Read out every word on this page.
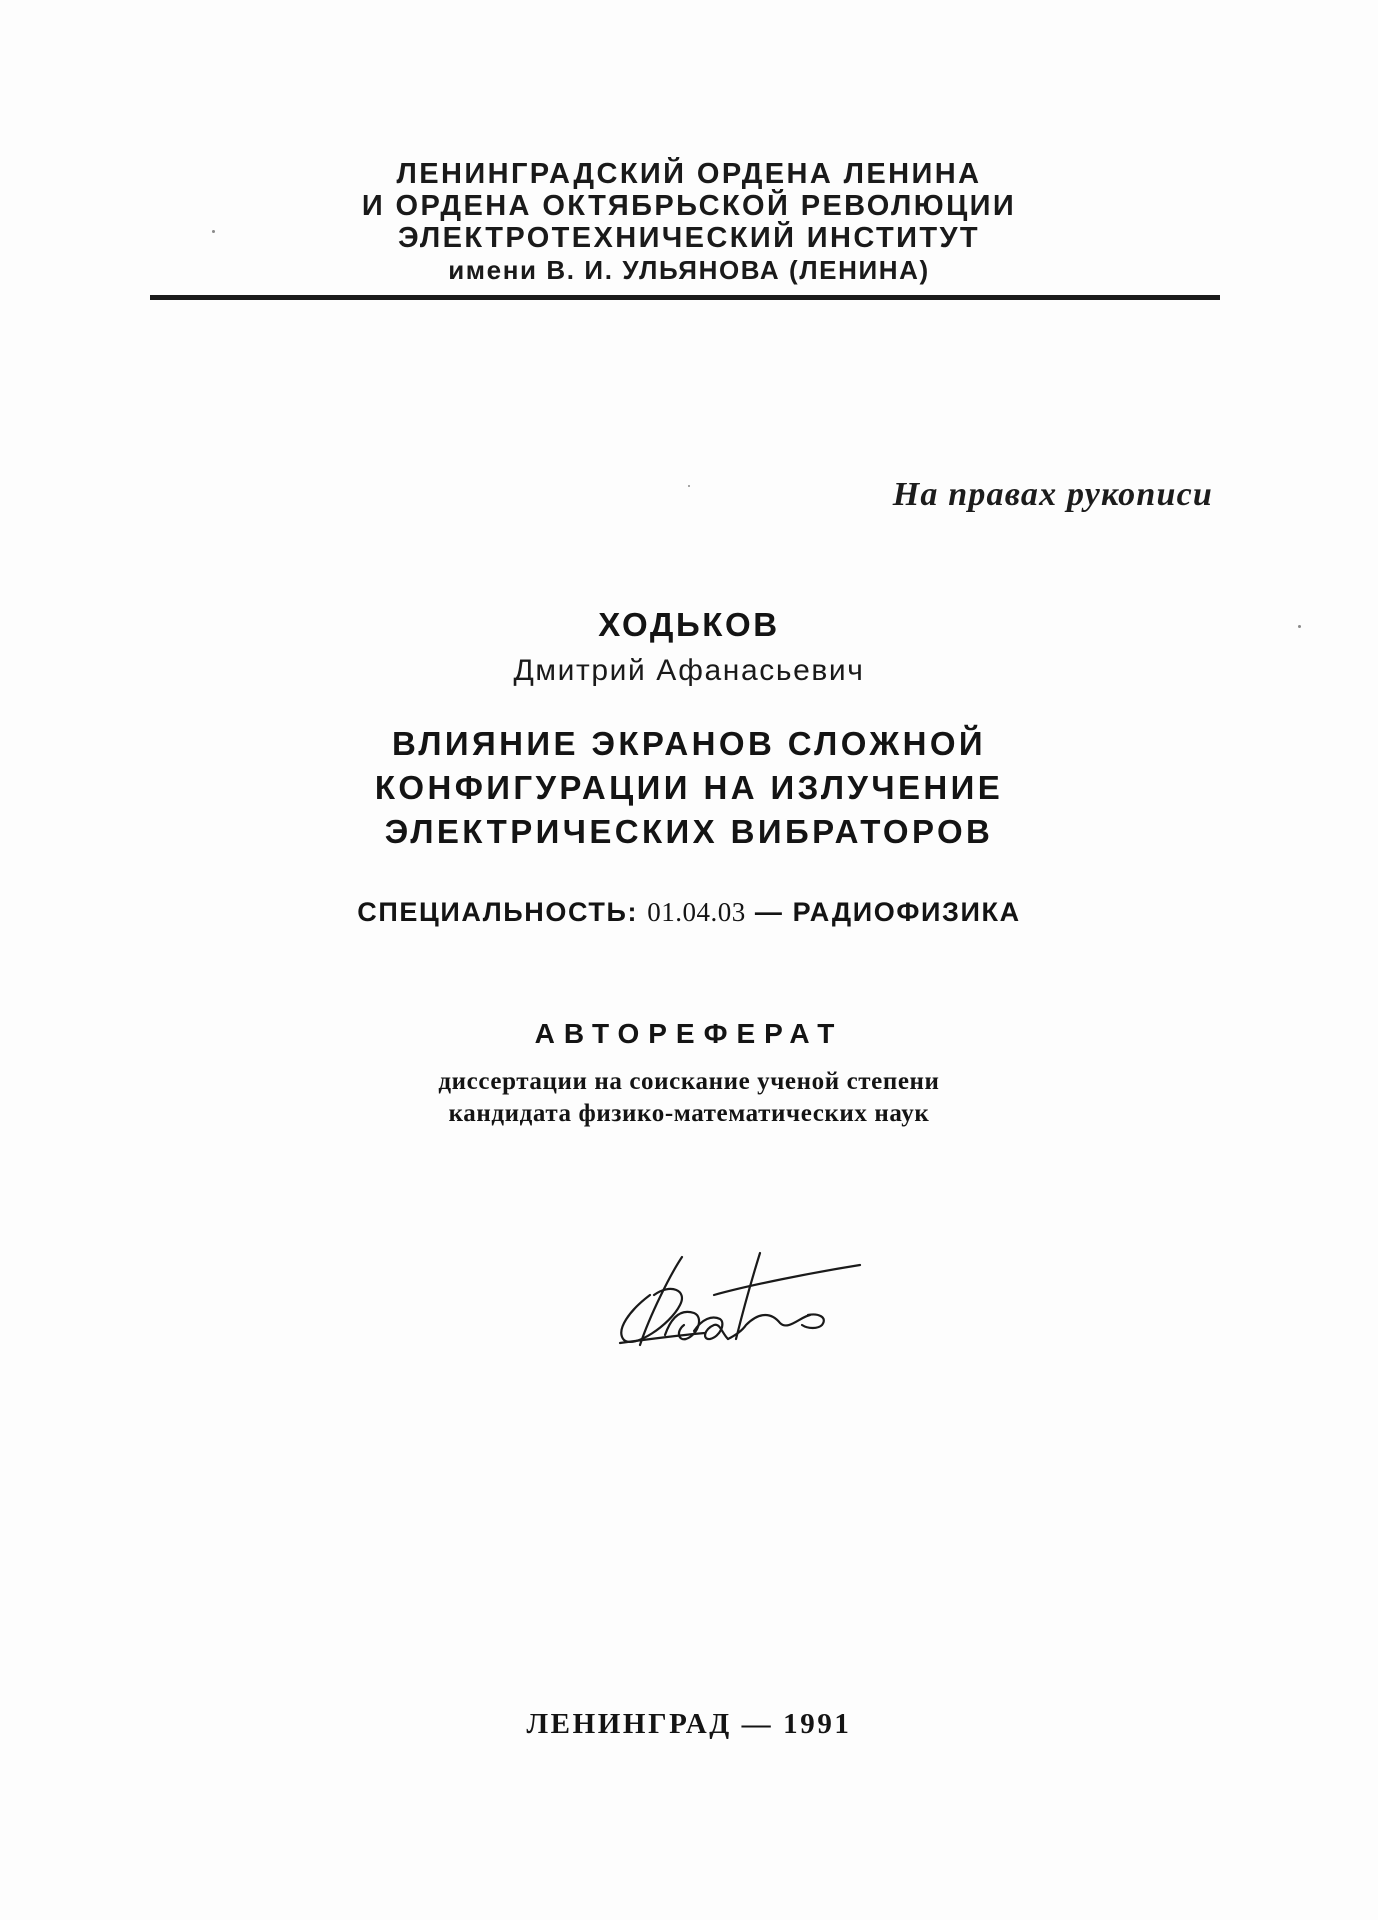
ЛЕНИНГРАДСКИЙ ОРДЕНА ЛЕНИНА
И ОРДЕНА ОКТЯБРЬСКОЙ РЕВОЛЮЦИИ
ЭЛЕКТРОТЕХНИЧЕСКИЙ ИНСТИТУТ
имени В. И. УЛЬЯНОВА (ЛЕНИНА)
На правах рукописи
ХОДЬКОВ
Дмитрий Афанасьевич
ВЛИЯНИЕ ЭКРАНОВ СЛОЖНОЙ
КОНФИГУРАЦИИ НА ИЗЛУЧЕНИЕ
ЭЛЕКТРИЧЕСКИХ ВИБРАТОРОВ
СПЕЦИАЛЬНОСТЬ: 01.04.03 — РАДИОФИЗИКА
АВТОРЕФЕРАТ
диссертации на соискание ученой степени
кандидата физико-математических наук
ЛЕНИНГРАД — 1991
